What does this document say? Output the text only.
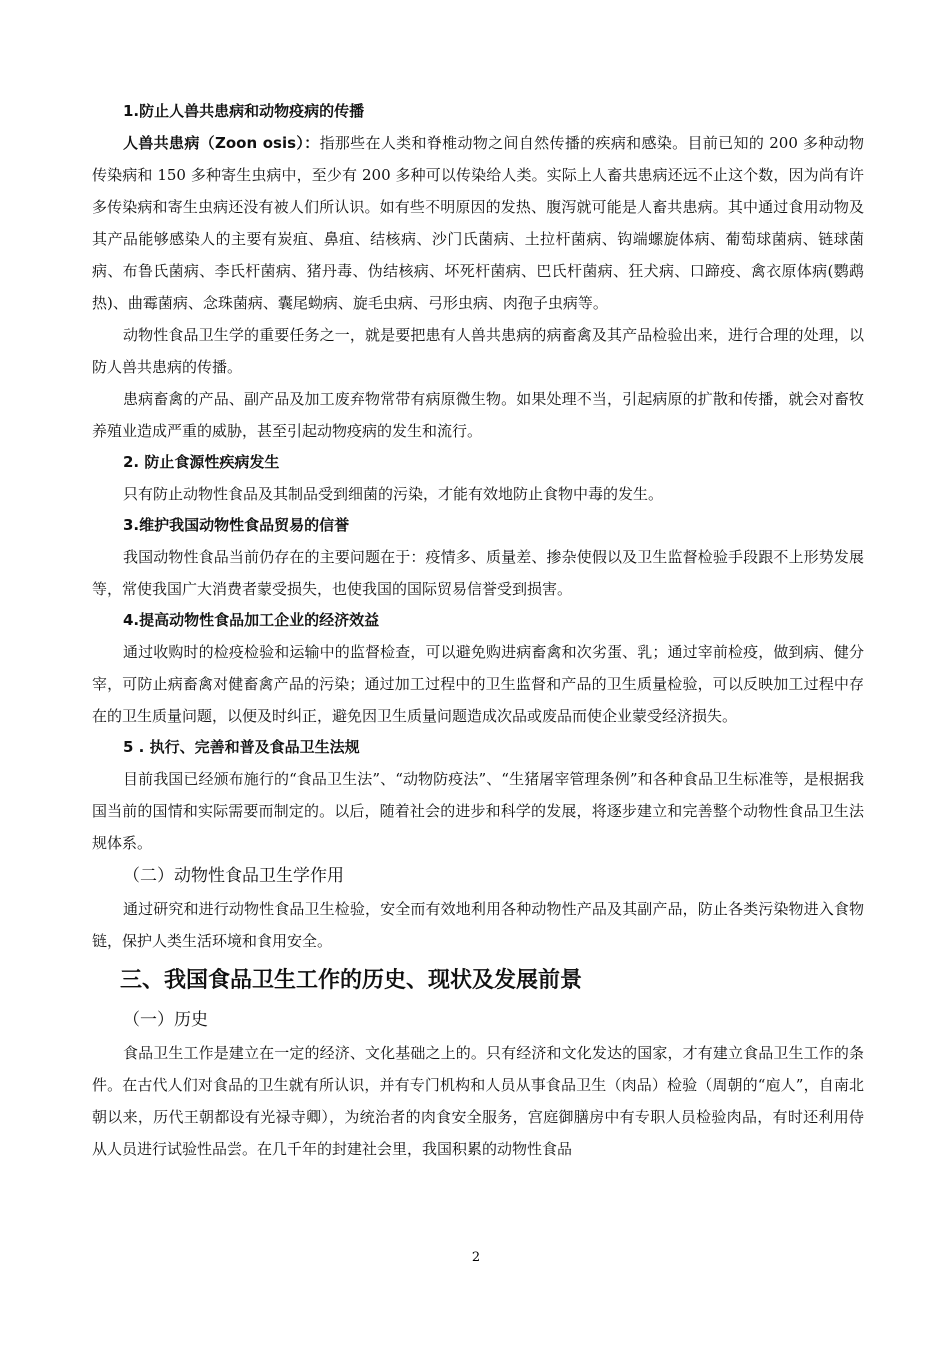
1.防止人兽共患病和动物疫病的传播

人兽共患病（Zoon osis）：指那些在人类和脊椎动物之间自然传播的疾病和感染。目前已知的 200 多种动物传染病和 150 多种寄生虫病中，至少有 200 多种可以传染给人类。实际上人畜共患病还远不止这个数，因为尚有许多传染病和寄生虫病还没有被人们所认识。如有些不明原因的发热、腹泻就可能是人畜共患病。其中通过食用动物及其产品能够感染人的主要有炭疽、鼻疽、结核病、沙门氏菌病、土拉杆菌病、钩端螺旋体病、葡萄球菌病、链球菌病、布鲁氏菌病、李氏杆菌病、猪丹毒、伪结核病、坏死杆菌病、巴氏杆菌病、狂犬病、口蹄疫、禽衣原体病(鹦鹉热)、曲霉菌病、念珠菌病、囊尾蚴病、旋毛虫病、弓形虫病、肉孢子虫病等。

动物性食品卫生学的重要任务之一，就是要把患有人兽共患病的病畜禽及其产品检验出来，进行合理的处理，以防人兽共患病的传播。

患病畜禽的产品、副产品及加工废弃物常带有病原微生物。如果处理不当，引起病原的扩散和传播，就会对畜牧养殖业造成严重的威胁，甚至引起动物疫病的发生和流行。

2. 防止食源性疾病发生

只有防止动物性食品及其制品受到细菌的污染，才能有效地防止食物中毒的发生。

3.维护我国动物性食品贸易的信誉

我国动物性食品当前仍存在的主要问题在于：疫情多、质量差、掺杂使假以及卫生监督检验手段跟不上形势发展等，常使我国广大消费者蒙受损失，也使我国的国际贸易信誉受到损害。

4.提高动物性食品加工企业的经济效益

通过收购时的检疫检验和运输中的监督检查，可以避免购进病畜禽和次劣蛋、乳；通过宰前检疫，做到病、健分宰，可防止病畜禽对健畜禽产品的污染；通过加工过程中的卫生监督和产品的卫生质量检验，可以反映加工过程中存在的卫生质量问题，以便及时纠正，避免因卫生质量问题造成次品或废品而使企业蒙受经济损失。

5 . 执行、完善和普及食品卫生法规

目前我国已经颁布施行的“食品卫生法”、“动物防疫法”、“生猪屠宰管理条例”和各种食品卫生标准等，是根据我国当前的国情和实际需要而制定的。以后，随着社会的进步和科学的发展，将逐步建立和完善整个动物性食品卫生法规体系。

（二）动物性食品卫生学作用

通过研究和进行动物性食品卫生检验，安全而有效地利用各种动物性产品及其副产品，防止各类污染物进入食物链，保护人类生活环境和食用安全。

三、我国食品卫生工作的历史、现状及发展前景

（一）历史

食品卫生工作是建立在一定的经济、文化基础之上的。只有经济和文化发达的国家，才有建立食品卫生工作的条件。在古代人们对食品的卫生就有所认识，并有专门机构和人员从事食品卫生（肉品）检验（周朝的“庖人”，自南北朝以来，历代王朝都设有光禄寺卿），为统治者的肉食安全服务，宫庭御膳房中有专职人员检验肉品，有时还利用侍从人员进行试验性品尝。在几千年的封建社会里，我国积累的动物性食品

2
